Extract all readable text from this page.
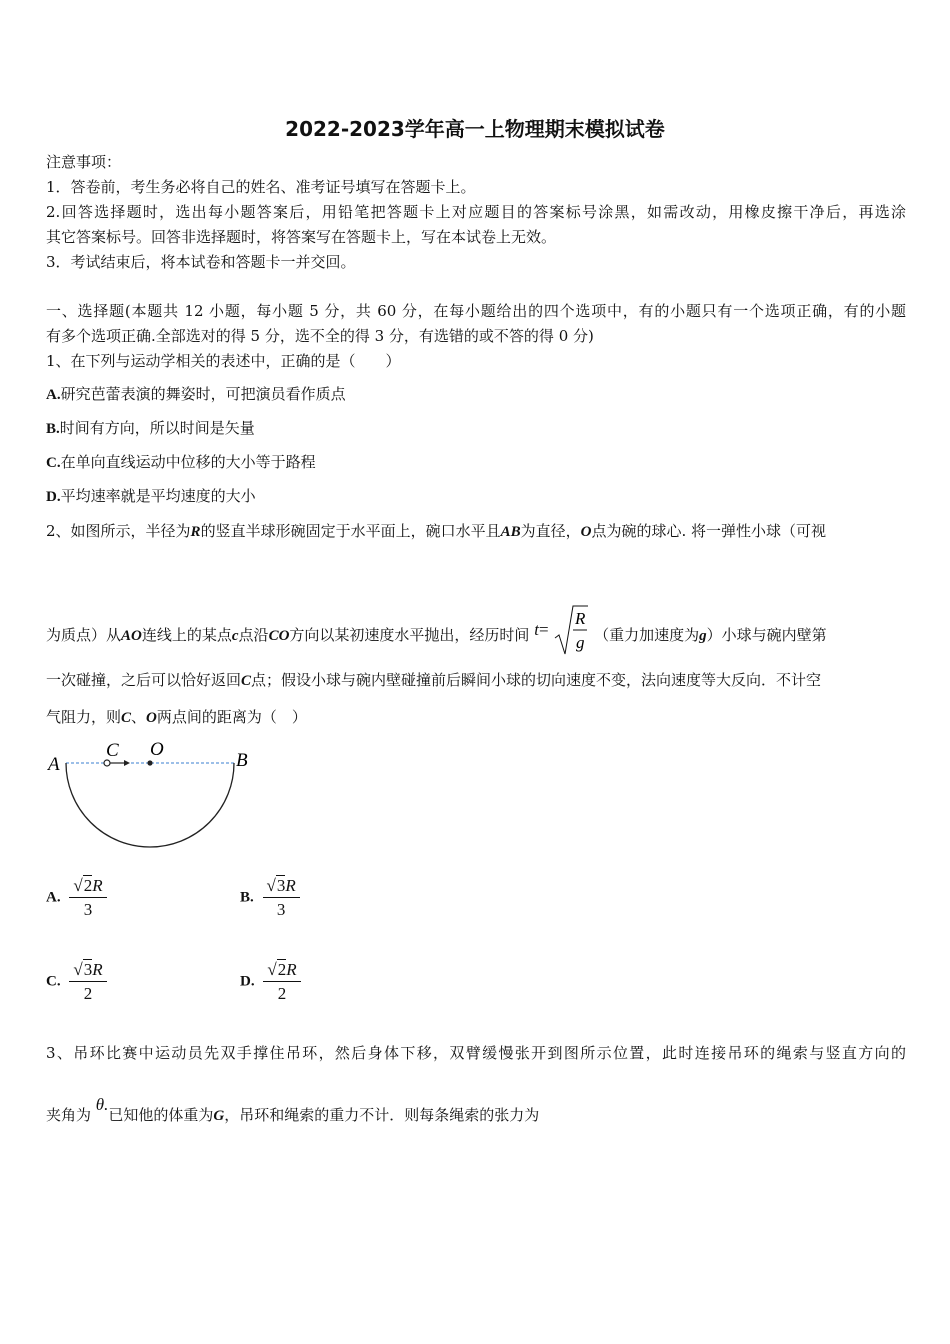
2022-2023学年高一上物理期末模拟试卷
注意事项：
1．答卷前，考生务必将自己的姓名、准考证号填写在答题卡上。
2.回答选择题时，选出每小题答案后，用铅笔把答题卡上对应题目的答案标号涂黑，如需改动，用橡皮擦干净后，再选涂
其它答案标号。回答非选择题时，将答案写在答题卡上，写在本试卷上无效。
3．考试结束后，将本试卷和答题卡一并交回。
一、选择题(本题共 12 小题，每小题 5 分，共 60 分，在每小题给出的四个选项中，有的小题只有一个选项正确，有的小题
有多个选项正确.全部选对的得 5 分，选不全的得 3 分，有选错的或不答的得 0 分)
1、在下列与运动学相关的表述中，正确的是（　　）
A.研究芭蕾表演的舞姿时，可把演员看作质点
B.时间有方向，所以时间是矢量
C.在单向直线运动中位移的大小等于路程
D.平均速率就是平均速度的大小
2、如图所示，半径为R的竖直半球形碗固定于水平面上，碗口水平且AB为直径，O点为碗的球心. 将一弹性小球（可视
为质点）从AO连线上的某点c点沿CO方向以某初速度水平抛出，经历时间 t=
R
g （重力加速度为g）小球与碗内壁第
一次碰撞，之后可以恰好返回C点；假设小球与碗内壁碰撞前后瞬间小球的切向速度不变，法向速度等大反向．不计空
气阻力，则C、O两点间的距离为（　）
A	B
C O
A. $\frac{√2R}{3}$	B. $\frac{√3R}{3}$
C. $\frac{√3R}{2}$	D. $\frac{√2R}{2}$
3、吊环比赛中运动员先双手撑住吊环，然后身体下移，双臂缓慢张开到图所示位置，此时连接吊环的绳索与竖直方向的
夹角为 θ.已知他的体重为G，吊环和绳索的重力不计．则每条绳索的张力为
